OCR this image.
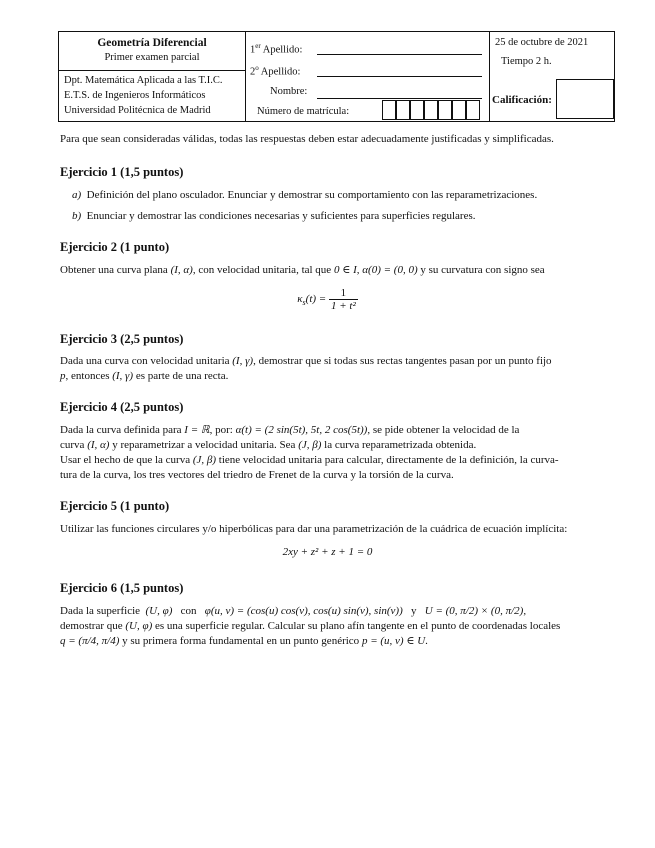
Geometría Diferencial
Primer examen parcial
Dpt. Matemática Aplicada a las T.I.C.
E.T.S. de Ingenieros Informáticos
Universidad Politécnica de Madrid
1er Apellido:
2$^o$ Apellido:
Nombre:
Número de matrícula:
25 de octubre de 2021
Tiempo 2 h.
Calificación:
Para que sean consideradas válidas, todas las respuestas deben estar adecuadamente justificadas y simplificadas.
Ejercicio 1 (1,5 puntos)
a) Definición del plano osculador. Enunciar y demostrar su comportamiento con las reparametrizaciones.
b) Enunciar y demostrar las condiciones necesarias y suficientes para superficies regulares.
Ejercicio 2 (1 punto)
Obtener una curva plana (I, α), con velocidad unitaria, tal que 0 ∈ I, α(0) = (0, 0) y su curvatura con signo sea
$\kappa_s(t) = \frac{1}{\text{1 + t²}}$
Ejercicio 3 (2,5 puntos)
Dada una curva con velocidad unitaria (I, γ), demostrar que si todas sus rectas tangentes pasan por un punto fijo
p, entonces (I, γ) es parte de una recta.
Ejercicio 4 (2,5 puntos)
Dada la curva definida para I = ℝ, por: α(t) = (2 sin(5t), 5t, 2 cos(5t)), se pide obtener la velocidad de la
curva (I, α) y reparametrizar a velocidad unitaria. Sea (J, β) la curva reparametrizada obtenida.
Usar el hecho de que la curva (J, β) tiene velocidad unitaria para calcular, directamente de la definición, la curva-
tura de la curva, los tres vectores del triedro de Frenet de la curva y la torsión de la curva.
Ejercicio 5 (1 punto)
Utilizar las funciones circulares y/o hiperbólicas para dar una parametrización de la cuádrica de ecuación implícita:
2xy + z² + z + 1 = 0
Ejercicio 6 (1,5 puntos)
Dada la superficie  (U, φ) con φ(u, v) = (cos(u) cos(v), cos(u) sin(v), sin(v)) y U = (0, π/2) × (0, π/2),
demostrar que (U, φ) es una superficie regular. Calcular su plano afín tangente en el punto de coordenadas locales
q = (π/4, π/4) y su primera forma fundamental en un punto genérico p = (u, v) ∈ U.
